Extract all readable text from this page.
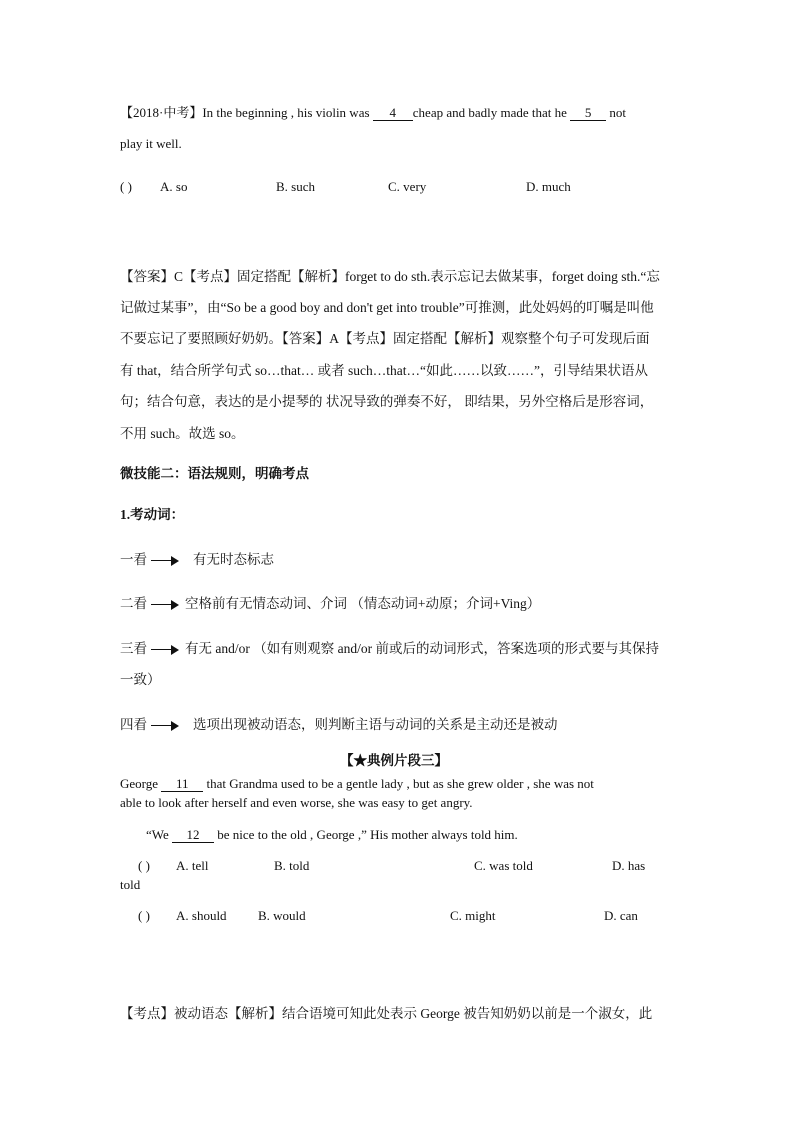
【2018·中考】In the beginning , his violin was 4 cheap and badly made that he 5 not
play it well.
( ) A. so	B. such	C. very	D. much
【答案】C【考点】固定搭配【解析】forget to do sth.表示忘记去做某事，forget doing sth.“忘
记做过某事”，由“So be a good boy and don't get into trouble”可推测，此处妈妈的叮嘱是叫他
不要忘记了要照顾好奶奶。【答案】A【考点】固定搭配【解析】观察整个句子可发现后面
有 that，结合所学句式 so…that… 或者 such…that…“如此……以致……”，引导结果状语从
句；结合句意，表达的是小提琴的 状况导致的弹奏不好， 即结果，另外空格后是形容词，
不用 such。故选 so。
微技能二：语法规则，明确考点
1.考动词：
一看	有无时态标志
二看	空格前有无情态动词、介词 （情态动词+动原；介词+Ving）
三看	有无 and/or （如有则观察 and/or 前或后的动词形式，答案选项的形式要与其保持
一致）
四看	选项出现被动语态，则判断主语与动词的关系是主动还是被动
【★典例片段三】
George 11 that Grandma used to be a gentle lady , but as she grew older , she was not
able to look after herself and even worse, she was easy to get angry.
“We 12 be nice to the old , George ,” His mother always told him.
( ) A. tell	B. told	C. was told	D. has
told
( ) A. should B. would	C. might	D. can
【考点】被动语态【解析】结合语境可知此处表示 George 被告知奶奶以前是一个淑女，此
